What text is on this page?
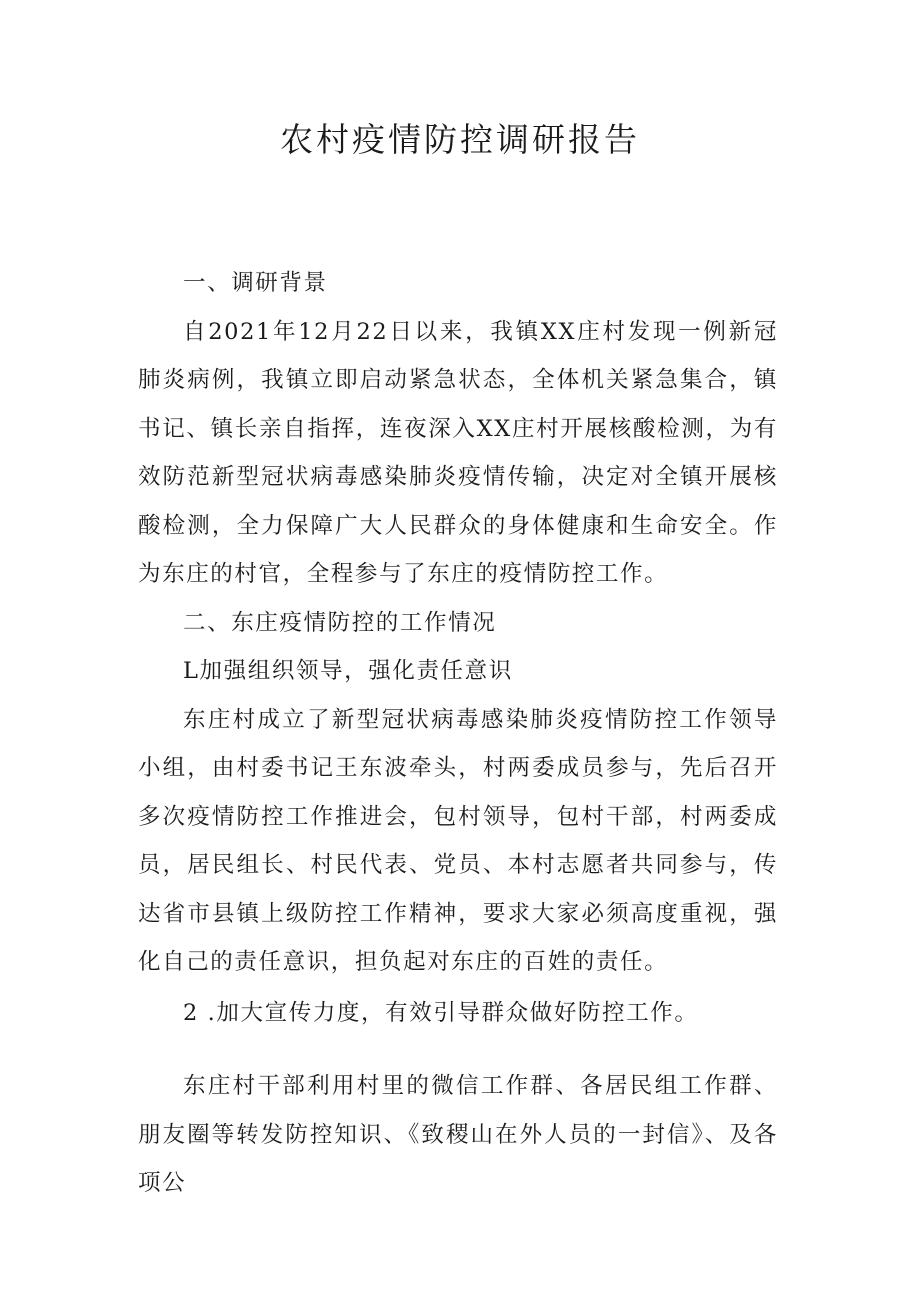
农村疫情防控调研报告

一、调研背景

自2021年12月22日以来，我镇XX庄村发现一例新冠肺炎病例，我镇立即启动紧急状态，全体机关紧急集合，镇书记、镇长亲自指挥，连夜深入XX庄村开展核酸检测，为有效防范新型冠状病毒感染肺炎疫情传输，决定对全镇开展核酸检测，全力保障广大人民群众的身体健康和生命安全。作为东庄的村官，全程参与了东庄的疫情防控工作。

二、东庄疫情防控的工作情况

L加强组织领导，强化责任意识

东庄村成立了新型冠状病毒感染肺炎疫情防控工作领导小组，由村委书记王东波牵头，村两委成员参与，先后召开多次疫情防控工作推进会，包村领导，包村干部，村两委成员，居民组长、村民代表、党员、本村志愿者共同参与，传达省市县镇上级防控工作精神，要求大家必须高度重视，强化自己的责任意识，担负起对东庄的百姓的责任。

2 .加大宣传力度，有效引导群众做好防控工作。

东庄村干部利用村里的微信工作群、各居民组工作群、朋友圈等转发防控知识、《致稷山在外人员的一封信》、及各项公
